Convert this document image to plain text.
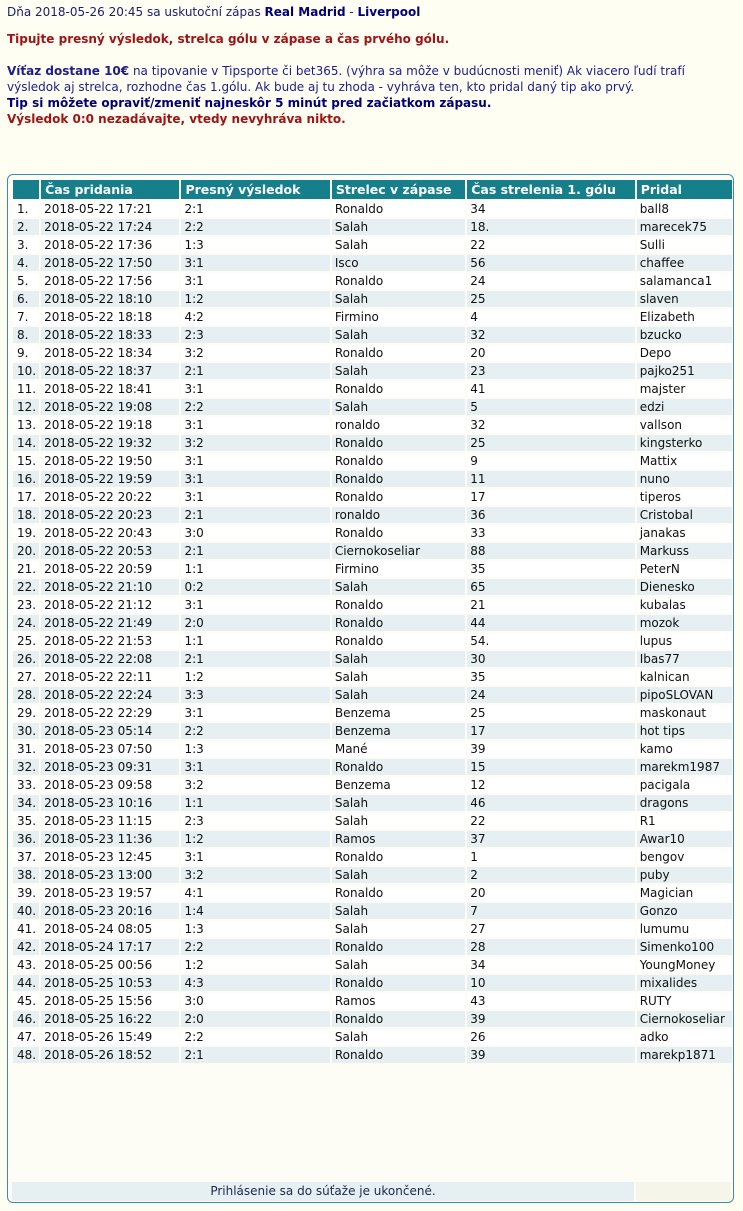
Dňa 2018-05-26 20:45 sa uskutoční zápas Real Madrid - Liverpool

Tipujte presný výsledok, strelca gólu v zápase a čas prvého gólu.

Víťaz dostane 10€ na tipovanie v Tipsporte či bet365. (výhra sa môže v budúcnosti meniť) Ak viacero ľudí trafí výsledok aj strelca, rozhodne čas 1.gólu. Ak bude aj tu zhoda - vyhráva ten, kto pridal daný tip ako prvý.

Tip si môžete opraviť/zmeniť najneskôr 5 minút pred začiatkom zápasu.

Výsledok 0:0 nezadávajte, vtedy nevyhráva nikto.

	Čas pridania	Presný výsledok	Strelec v zápase	Čas strelenia 1. gólu	Pridal
1.	2018-05-22 17:21	2:1	Ronaldo	34	ball8
2.	2018-05-22 17:24	2:2	Salah	18.	marecek75
3.	2018-05-22 17:36	1:3	Salah	22	Sulli
4.	2018-05-22 17:50	3:1	Isco	56	chaffee
5.	2018-05-22 17:56	3:1	Ronaldo	24	salamanca1
6.	2018-05-22 18:10	1:2	Salah	25	slaven
7.	2018-05-22 18:18	4:2	Firmino	4	Elizabeth
8.	2018-05-22 18:33	2:3	Salah	32	bzucko
9.	2018-05-22 18:34	3:2	Ronaldo	20	Depo
10.	2018-05-22 18:37	2:1	Salah	23	pajko251
11.	2018-05-22 18:41	3:1	Ronaldo	41	majster
12.	2018-05-22 19:08	2:2	Salah	5	edzi
13.	2018-05-22 19:18	3:1	ronaldo	32	vallson
14.	2018-05-22 19:32	3:2	Ronaldo	25	kingsterko
15.	2018-05-22 19:50	3:1	Ronaldo	9	Mattix
16.	2018-05-22 19:59	3:1	Ronaldo	11	nuno
17.	2018-05-22 20:22	3:1	Ronaldo	17	tiperos
18.	2018-05-22 20:23	2:1	ronaldo	36	Cristobal
19.	2018-05-22 20:43	3:0	Ronaldo	33	janakas
20.	2018-05-22 20:53	2:1	Ciernokoseliar	88	Markuss
21.	2018-05-22 20:59	1:1	Firmino	35	PeterN
22.	2018-05-22 21:10	0:2	Salah	65	Dienesko
23.	2018-05-22 21:12	3:1	Ronaldo	21	kubalas
24.	2018-05-22 21:49	2:0	Ronaldo	44	mozok
25.	2018-05-22 21:53	1:1	Ronaldo	54.	lupus
26.	2018-05-22 22:08	2:1	Salah	30	Ibas77
27.	2018-05-22 22:11	1:2	Salah	35	kalnican
28.	2018-05-22 22:24	3:3	Salah	24	pipoSLOVAN
29.	2018-05-22 22:29	3:1	Benzema	25	maskonaut
30.	2018-05-23 05:14	2:2	Benzema	17	hot tips
31.	2018-05-23 07:50	1:3	Mané	39	kamo
32.	2018-05-23 09:31	3:1	Ronaldo	15	marekm1987
33.	2018-05-23 09:58	3:2	Benzema	12	pacigala
34.	2018-05-23 10:16	1:1	Salah	46	dragons
35.	2018-05-23 11:15	2:3	Salah	22	R1
36.	2018-05-23 11:36	1:2	Ramos	37	Awar10
37.	2018-05-23 12:45	3:1	Ronaldo	1	bengov
38.	2018-05-23 13:00	3:2	Salah	2	puby
39.	2018-05-23 19:57	4:1	Ronaldo	20	Magician
40.	2018-05-23 20:16	1:4	Salah	7	Gonzo
41.	2018-05-24 08:05	1:3	Salah	27	lumumu
42.	2018-05-24 17:17	2:2	Ronaldo	28	Simenko100
43.	2018-05-25 00:56	1:2	Salah	34	YoungMoney
44.	2018-05-25 10:53	4:3	Ronaldo	10	mixalides
45.	2018-05-25 15:56	3:0	Ramos	43	RUTY
46.	2018-05-25 16:22	2:0	Ronaldo	39	Ciernokoseliar
47.	2018-05-26 15:49	2:2	Salah	26	adko
48.	2018-05-26 18:52	2:1	Ronaldo	39	marekp1871
Prihlásenie sa do súťaže je ukončené.
